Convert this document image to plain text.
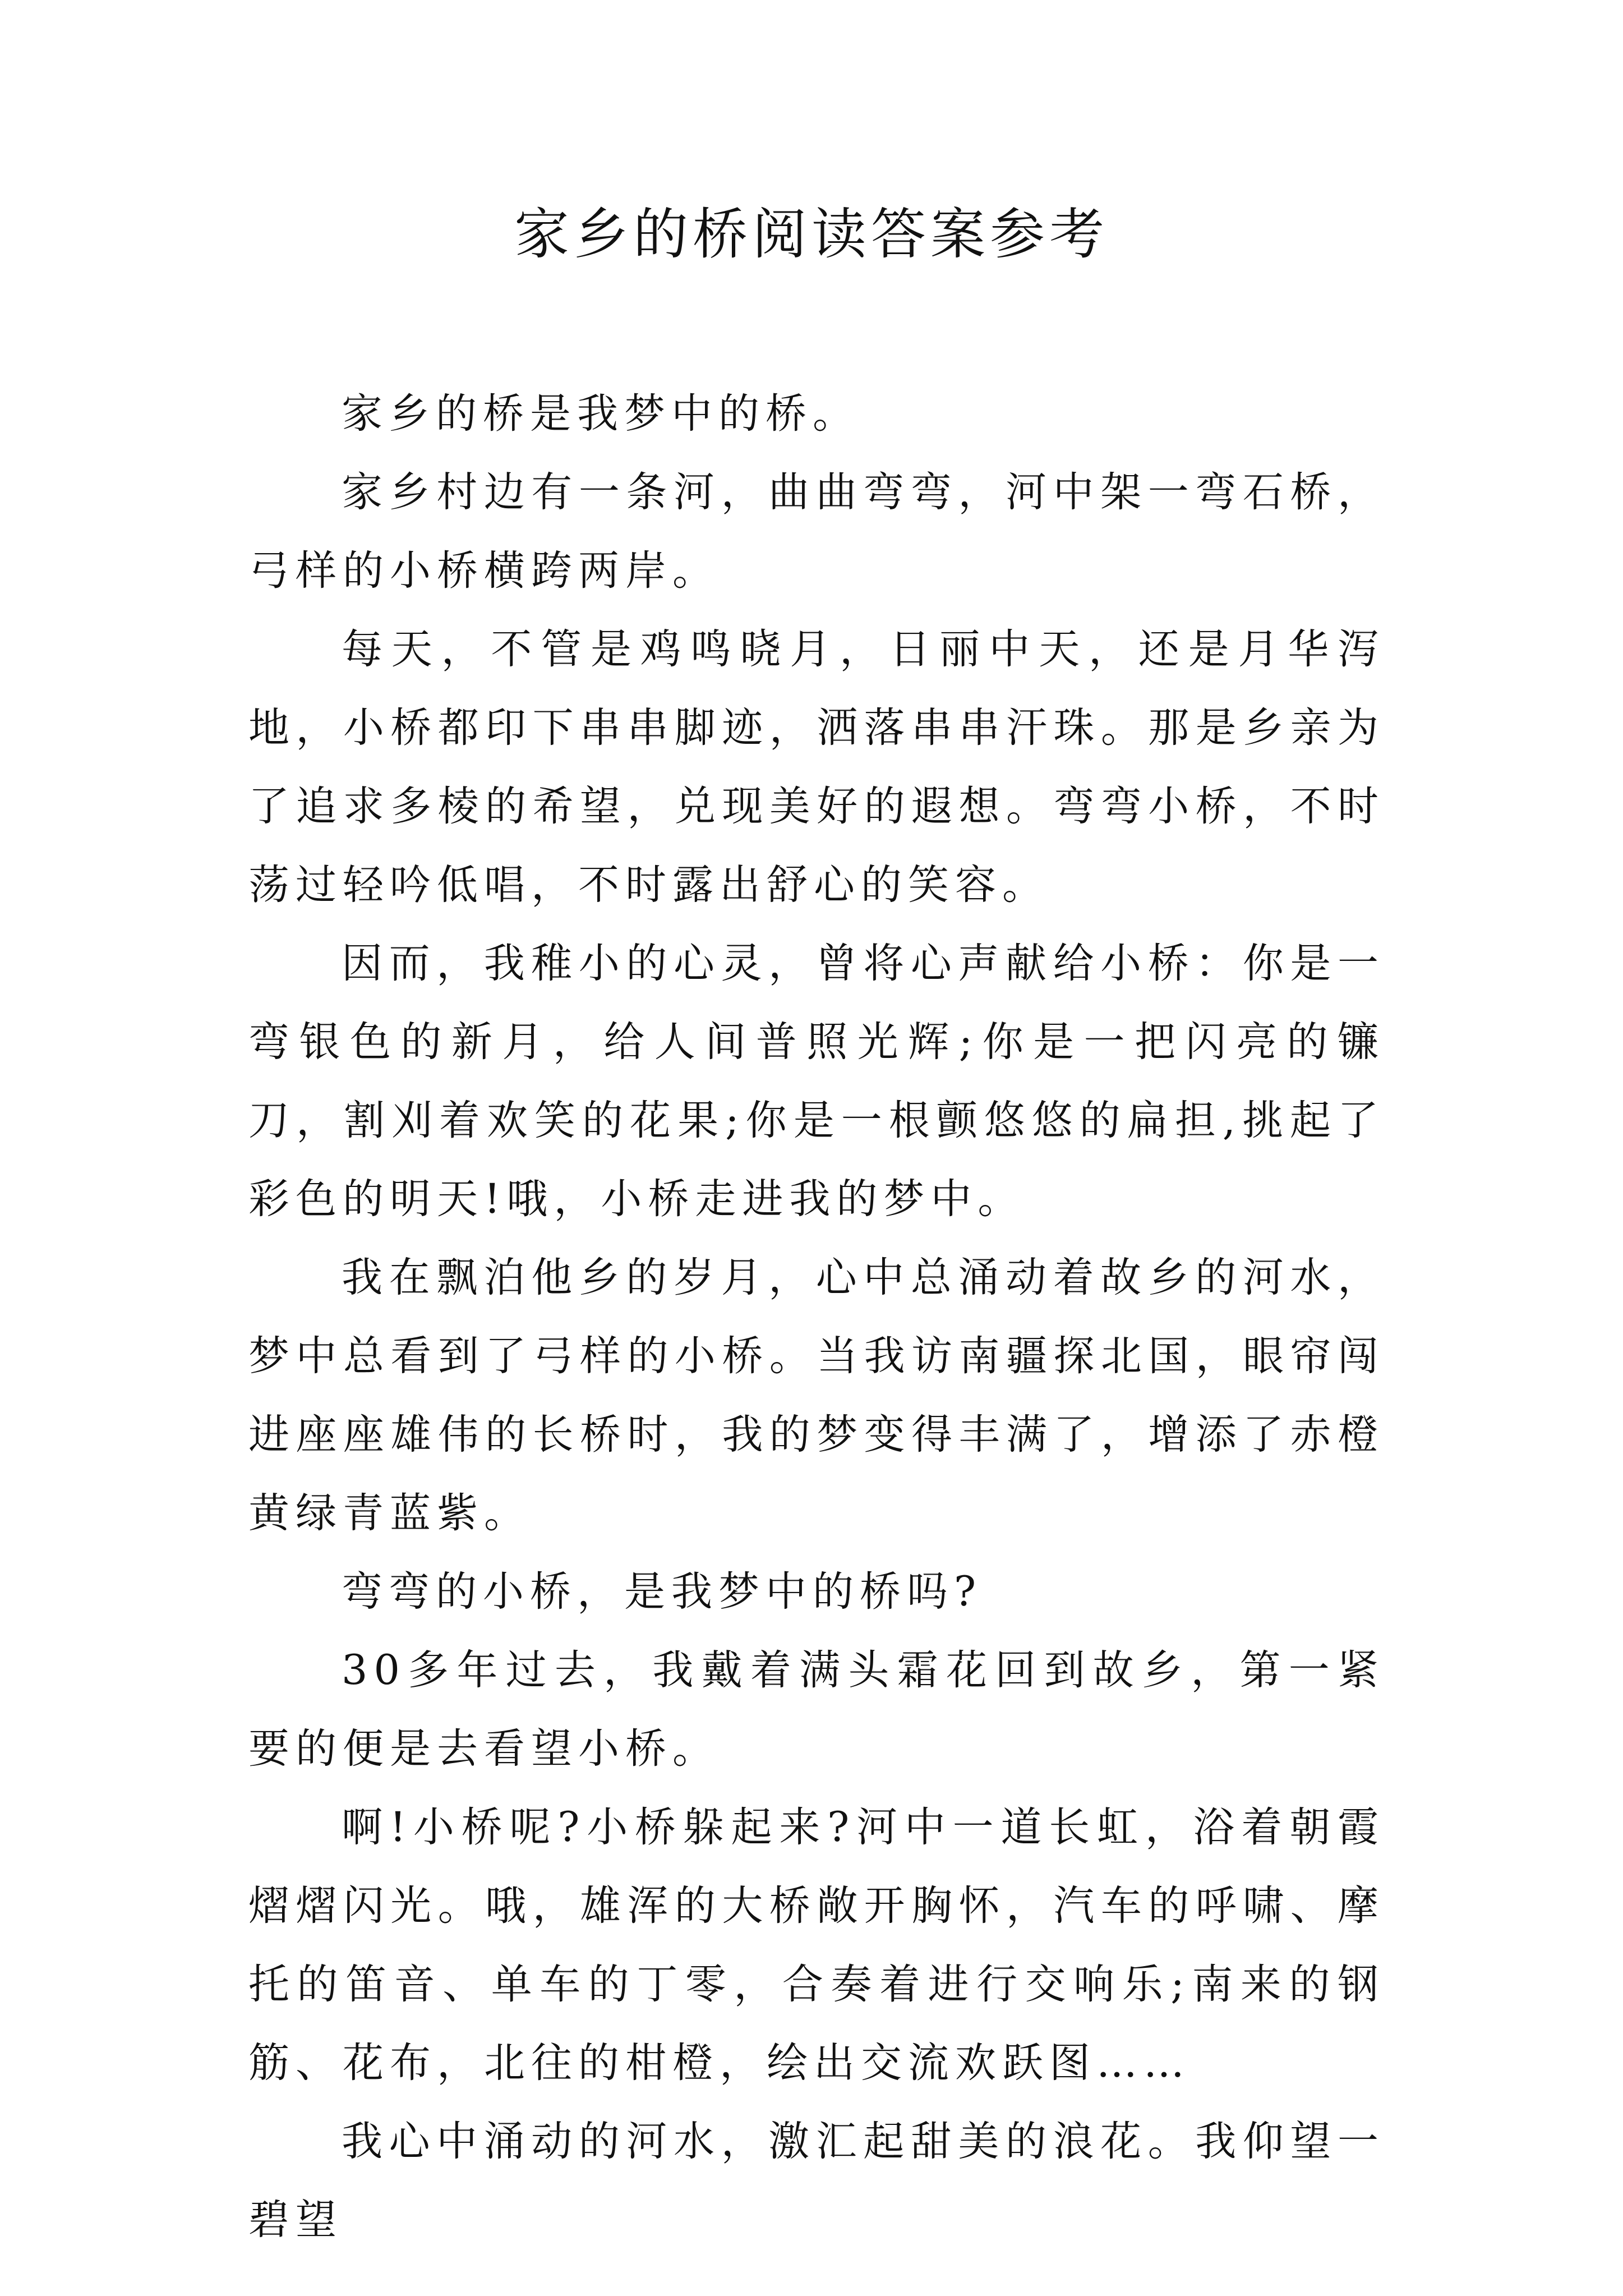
家乡的桥阅读答案参考

家乡的桥是我梦中的桥。

家乡村边有一条河，曲曲弯弯，河中架一弯石桥，弓样的小桥横跨两岸。

每天，不管是鸡鸣晓月，日丽中天，还是月华泻地，小桥都印下串串脚迹，洒落串串汗珠。那是乡亲为了追求多棱的希望，兑现美好的遐想。弯弯小桥，不时荡过轻吟低唱，不时露出舒心的笑容。

因而，我稚小的心灵，曾将心声献给小桥：你是一弯银色的新月，给人间普照光辉;你是一把闪亮的镰刀，割刈着欢笑的花果;你是一根颤悠悠的扁担,挑起了彩色的明天!哦，小桥走进我的梦中。

我在飘泊他乡的岁月，心中总涌动着故乡的河水，梦中总看到了弓样的小桥。当我访南疆探北国，眼帘闯进座座雄伟的长桥时，我的梦变得丰满了，增添了赤橙黄绿青蓝紫。

弯弯的小桥，是我梦中的桥吗?

30多年过去，我戴着满头霜花回到故乡，第一紧要的便是去看望小桥。

啊!小桥呢?小桥躲起来?河中一道长虹，浴着朝霞熠熠闪光。哦，雄浑的大桥敞开胸怀，汽车的呼啸、摩托的笛音、单车的丁零，合奏着进行交响乐;南来的钢筋、花布，北往的柑橙，绘出交流欢跃图……

我心中涌动的河水，激汇起甜美的浪花。我仰望一碧望
